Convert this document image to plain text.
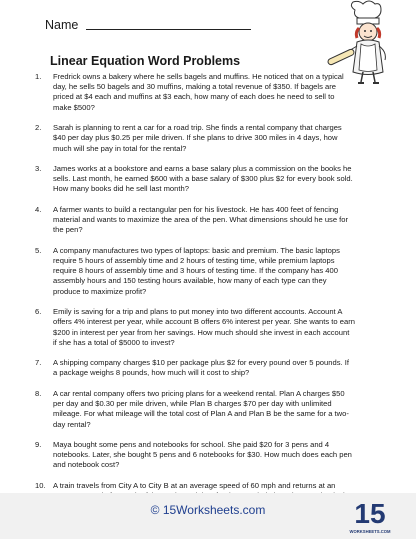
Name
Linear Equation Word Problems
1.	Fredrick owns a bakery where he sells bagels and muffins. He noticed that on a typical day, he sells 50 bagels and 30 muffins, making a total revenue of $350. If bagels are priced at $4 each and muffins at $3 each, how many of each does he need to sell to make $500?
2.	Sarah is planning to rent a car for a road trip. She finds a rental company that charges $40 per day plus $0.25 per mile driven. If she plans to drive 300 miles in 4 days, how much will she pay in total for the rental?
3.	James works at a bookstore and earns a base salary plus a commission on the books he sells. Last month, he earned $600 with a base salary of $300 plus $2 for every book sold. How many books did he sell last month?
4.	A farmer wants to build a rectangular pen for his livestock. He has 400 feet of fencing material and wants to maximize the area of the pen. What dimensions should he use for the pen?
5.	A company manufactures two types of laptops: basic and premium. The basic laptops require 5 hours of assembly time and 2 hours of testing time, while premium laptops require 8 hours of assembly time and 3 hours of testing time. If the company has 400 assembly hours and 150 testing hours available, how many of each type can they produce to maximize profit?
6.	Emily is saving for a trip and plans to put money into two different accounts. Account A offers 4% interest per year, while account B offers 6% interest per year. She wants to earn $200 in interest per year from her savings. How much should she invest in each account if she has a total of $5000 to invest?
7.	A shipping company charges $10 per package plus $2 for every pound over 5 pounds. If a package weighs 8 pounds, how much will it cost to ship?
8.	A car rental company offers two pricing plans for a weekend rental. Plan A charges $50 per day and $0.30 per mile driven, while Plan B charges $70 per day with unlimited mileage. For what mileage will the total cost of Plan A and Plan B be the same for a two-day rental?
9.	Maya bought some pens and notebooks for school. She paid $20 for 3 pens and 4 notebooks. Later, she bought 5 pens and 6 notebooks for $30. How much does each pen and notebook cost?
10. A train travels from City A to City B at an average speed of 60 mph and returns at an
© 15Worksheets.com	15
WORKSHEETS.COM
